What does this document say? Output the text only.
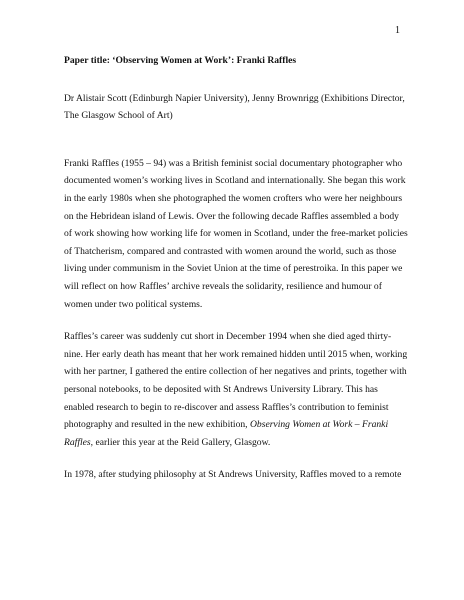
1

Paper title: ‘Observing Women at Work’: Franki Raffles

Dr Alistair Scott (Edinburgh Napier University), Jenny Brownrigg (Exhibitions Director,
The Glasgow School of Art)

Franki Raffles (1955 – 94) was a British feminist social documentary photographer who
documented women’s working lives in Scotland and internationally. She began this work
in the early 1980s when she photographed the women crofters who were her neighbours
on the Hebridean island of Lewis. Over the following decade Raffles assembled a body
of work showing how working life for women in Scotland, under the free-market policies
of Thatcherism, compared and contrasted with women around the world, such as those
living under communism in the Soviet Union at the time of perestroika. In this paper we
will reflect on how Raffles’ archive reveals the solidarity, resilience and humour of
women under two political systems.

Raffles’s career was suddenly cut short in December 1994 when she died aged thirty-
nine. Her early death has meant that her work remained hidden until 2015 when, working
with her partner, I gathered the entire collection of her negatives and prints, together with
personal notebooks, to be deposited with St Andrews University Library. This has
enabled research to begin to re-discover and assess Raffles’s contribution to feminist
photography and resulted in the new exhibition, Observing Women at Work – Franki
Raffles, earlier this year at the Reid Gallery, Glasgow.

In 1978, after studying philosophy at St Andrews University, Raffles moved to a remote
